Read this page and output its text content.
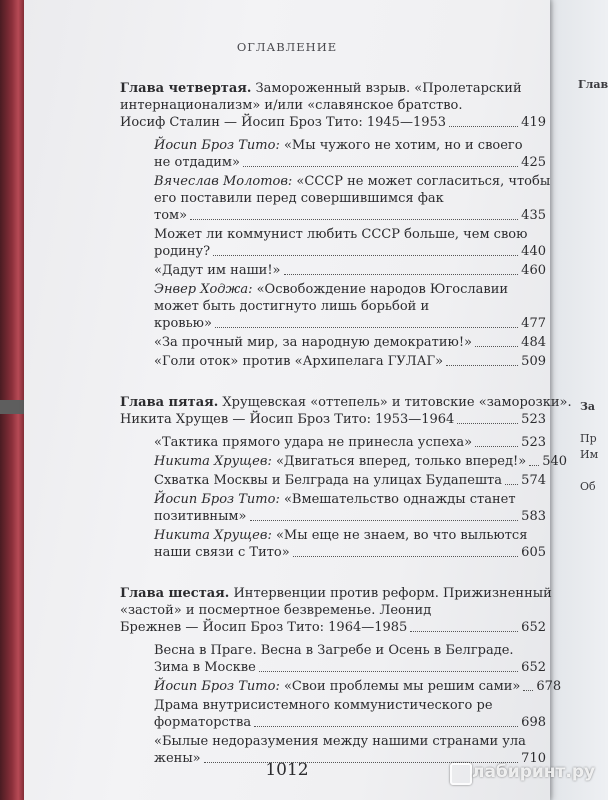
Глав
За
Пр
Им
Об
ОГЛАВЛЕНИЕ
Глава четвертая. Замороженный взрыв. «Пролетарский
интернационализм» и/или «славянское братство.
Иосиф Сталин — Йосип Броз Тито: 1945—1953	419
Йосип Броз Тито: «Мы чужого не хотим, но и своего
не отдадим»	425
Вячеслав Молотов: «СССР не может согласиться, чтобы
его поставили перед совершившимся фак
том»	435
Может ли коммунист любить СССР больше, чем свою
родину?	440
«Дадут им наши!»	460
Энвер Ходжа: «Освобождение народов Югославии
может быть достигнуто лишь борьбой и
кровью»	477
«За прочный мир, за народную демократию!»	484
«Голи оток» против «Архипелага ГУЛАГ»	509
Глава пятая. Хрущевская «оттепель» и титовские «заморозки».
Никита Хрущев — Йосип Броз Тито: 1953—1964	523
«Тактика прямого удара не принесла успеха»	523
Никита Хрущев: «Двигаться вперед, только вперед!» 540
Схватка Москвы и Белграда на улицах Будапешта 574
Йосип Броз Тито: «Вмешательство однажды станет
позитивным»	583
Никита Хрущев: «Мы еще не знаем, во что выльются
наши связи с Тито»	605
Глава шестая. Интервенции против реформ. Прижизненный
«застой» и посмертное безвременье. Леонид
Брежнев — Йосип Броз Тито: 1964—1985	652
Весна в Праге. Весна в Загребе и Осень в Белграде.
Зима в Москве	652
Йосип Броз Тито: «Свои проблемы мы решим сами» 678
Драма внутрисистемного коммунистического ре
форматорства	698
«Былые недоразумения между нашими странами ула
жены»	710
1012	лабиринт.ру
